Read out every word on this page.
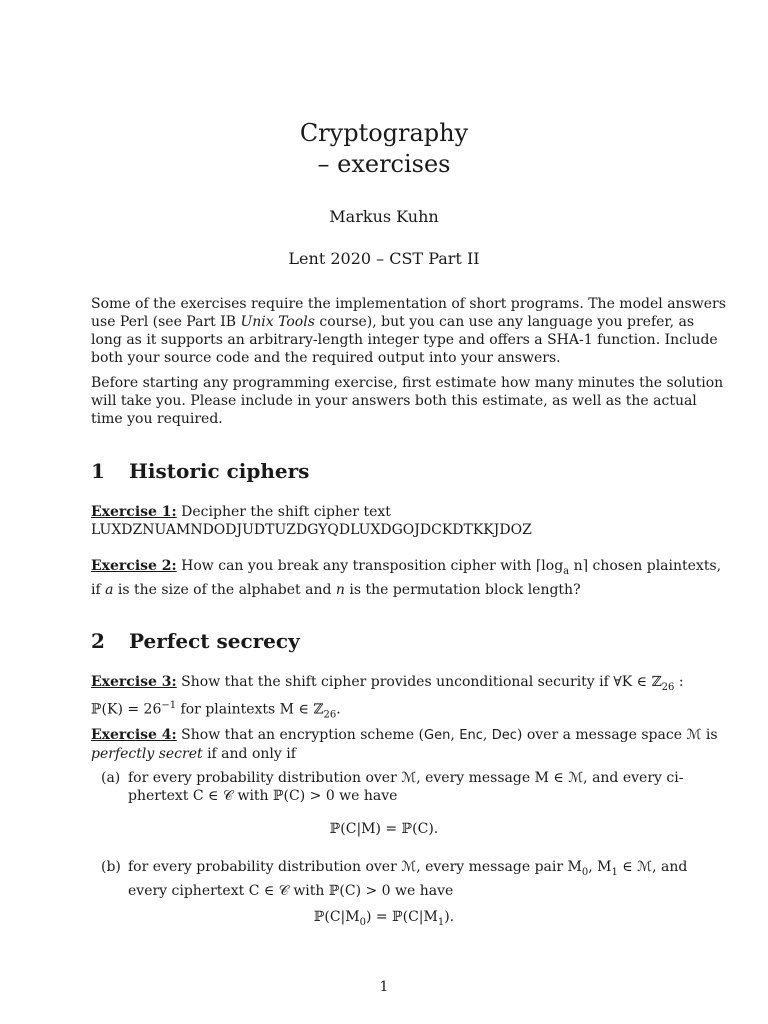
Cryptography
– exercises
Markus Kuhn
Lent 2020 – CST Part II
Some of the exercises require the implementation of short programs. The model answers
use Perl (see Part IB Unix Tools course), but you can use any language you prefer, as
long as it supports an arbitrary-length integer type and offers a SHA-1 function. Include
both your source code and the required output into your answers.
Before starting any programming exercise, first estimate how many minutes the solution
will take you. Please include in your answers both this estimate, as well as the actual
time you required.
1 Historic ciphers
Exercise 1: Decipher the shift cipher text
LUXDZNUAMNDODJUDTUZDGYQDLUXDGOJDCKDTKKJDOZ
Exercise 2: How can you break any transposition cipher with $⌈\log_a$ n⌉ chosen plaintexts,
if a is the size of the alphabet and n is the permutation block length?
2 Perfect secrecy
Exercise 3: Show that the shift cipher provides unconditional security if ∀K ∈ ℤ$_{26}$ :
ℙ(K) = $26^{-1}$ for plaintexts M ∈ ℤ$_{26}$.
Exercise 4: Show that an encryption scheme (Gen, Enc, Dec) over a message space ℳ is
perfectly secret if and only if
(a) for every probability distribution over ℳ, every message M ∈ ℳ, and every ci-
phertext C ∈ 𝒞 with ℙ(C) > 0 we have
ℙ(C|M) = ℙ(C).
(b) for every probability distribution over ℳ, every message pair $M_0$, $M_1$ ∈ ℳ, and
every ciphertext C ∈ 𝒞 with ℙ(C) > 0 we have
$ℙ(C|M_0)$ = $ℙ(C|M_1)$.
1
